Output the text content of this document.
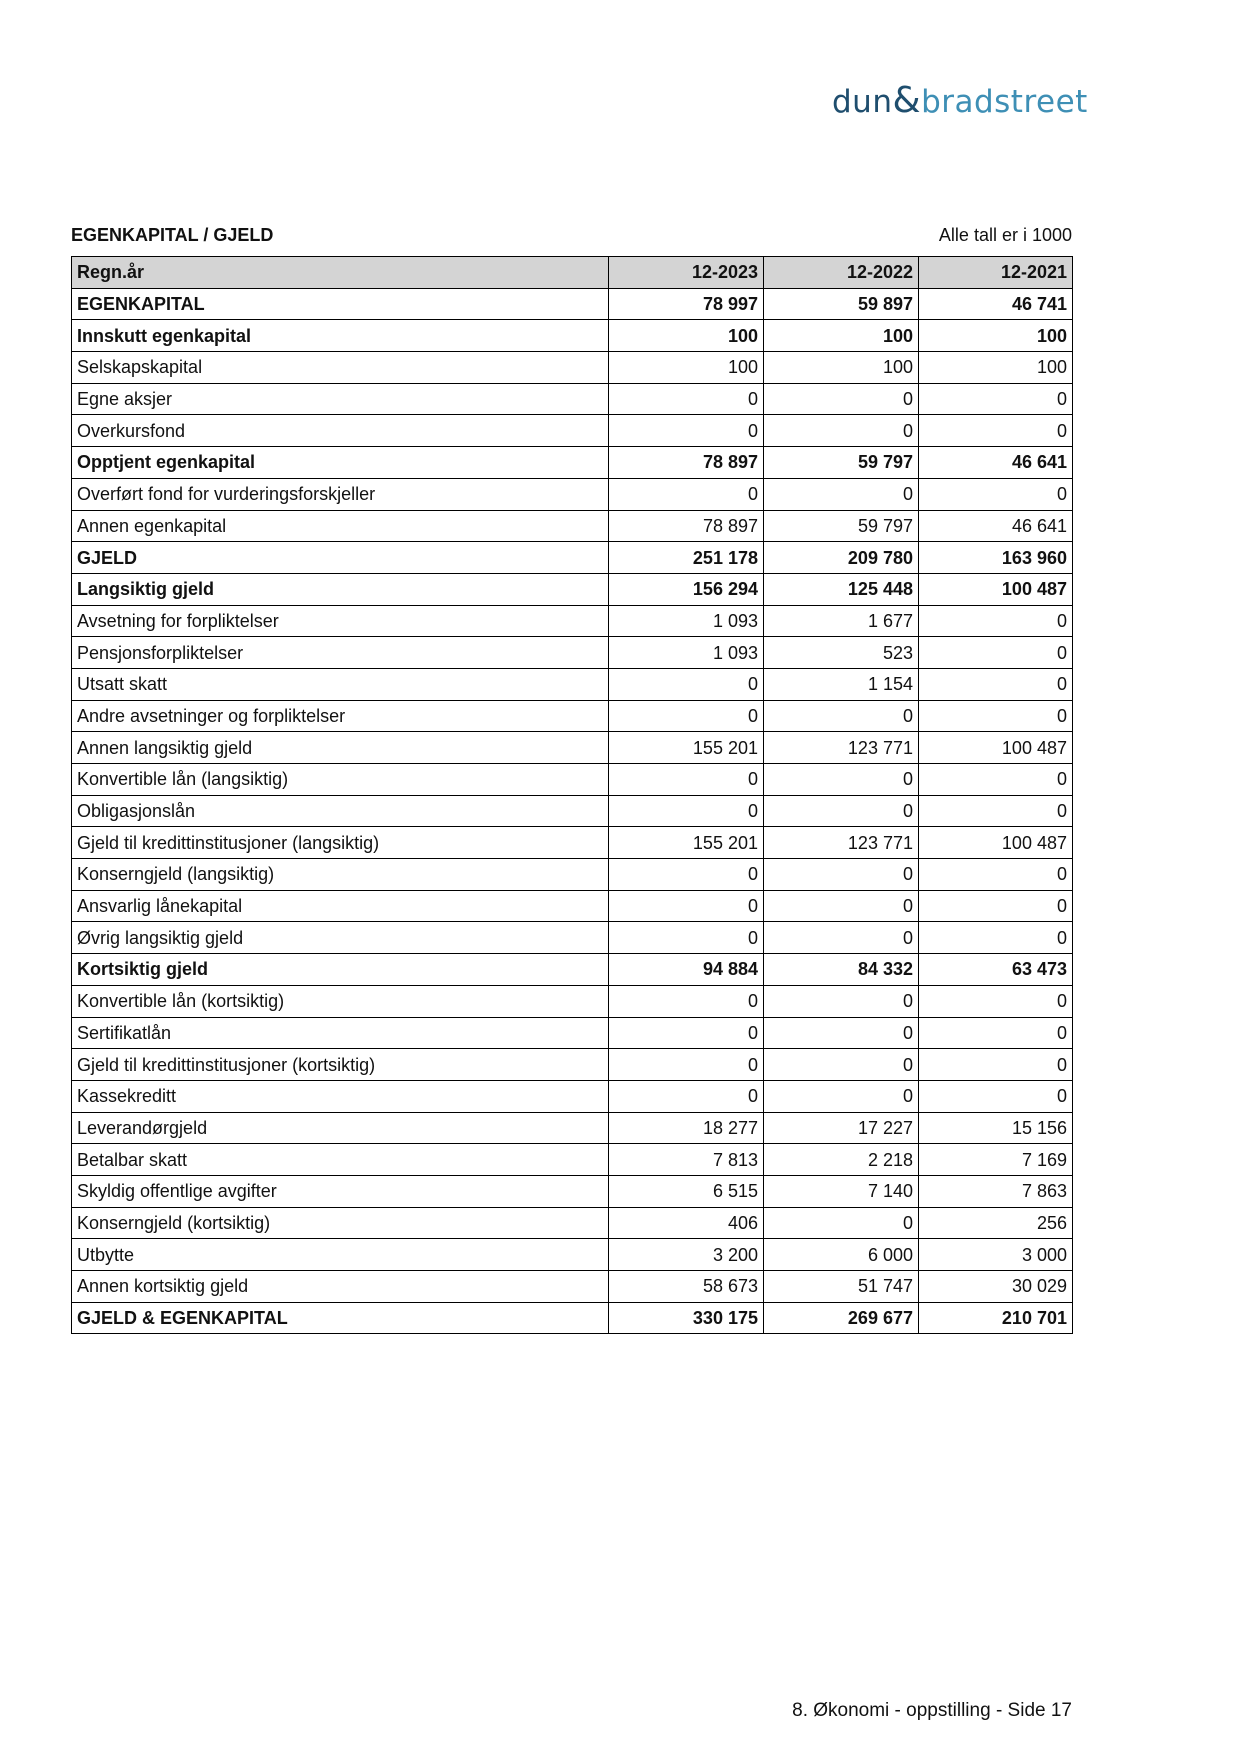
dun&bradstreet
EGENKAPITAL / GJELD	Alle tall er i 1000
Regn.år	12-2023	12-2022	12-2021
EGENKAPITAL	78 997	59 897	46 741
Innskutt egenkapital	100	100	100
Selskapskapital	100	100	100
Egne aksjer	0	0	0
Overkursfond	0	0	0
Opptjent egenkapital	78 897	59 797	46 641
Overført fond for vurderingsforskjeller	0	0	0
Annen egenkapital	78 897	59 797	46 641
GJELD	251 178	209 780	163 960
Langsiktig gjeld	156 294	125 448	100 487
Avsetning for forpliktelser	1 093	1 677	0
Pensjonsforpliktelser	1 093	523	0
Utsatt skatt	0	1 154	0
Andre avsetninger og forpliktelser	0	0	0
Annen langsiktig gjeld	155 201	123 771	100 487
Konvertible lån (langsiktig)	0	0	0
Obligasjonslån	0	0	0
Gjeld til kredittinstitusjoner (langsiktig)	155 201	123 771	100 487
Konserngjeld (langsiktig)	0	0	0
Ansvarlig lånekapital	0	0	0
Øvrig langsiktig gjeld	0	0	0
Kortsiktig gjeld	94 884	84 332	63 473
Konvertible lån (kortsiktig)	0	0	0
Sertifikatlån	0	0	0
Gjeld til kredittinstitusjoner (kortsiktig)	0	0	0
Kassekreditt	0	0	0
Leverandørgjeld	18 277	17 227	15 156
Betalbar skatt	7 813	2 218	7 169
Skyldig offentlige avgifter	6 515	7 140	7 863
Konserngjeld (kortsiktig)	406	0	256
Utbytte	3 200	6 000	3 000
Annen kortsiktig gjeld	58 673	51 747	30 029
GJELD & EGENKAPITAL	330 175	269 677	210 701
8. Økonomi - oppstilling - Side 17
